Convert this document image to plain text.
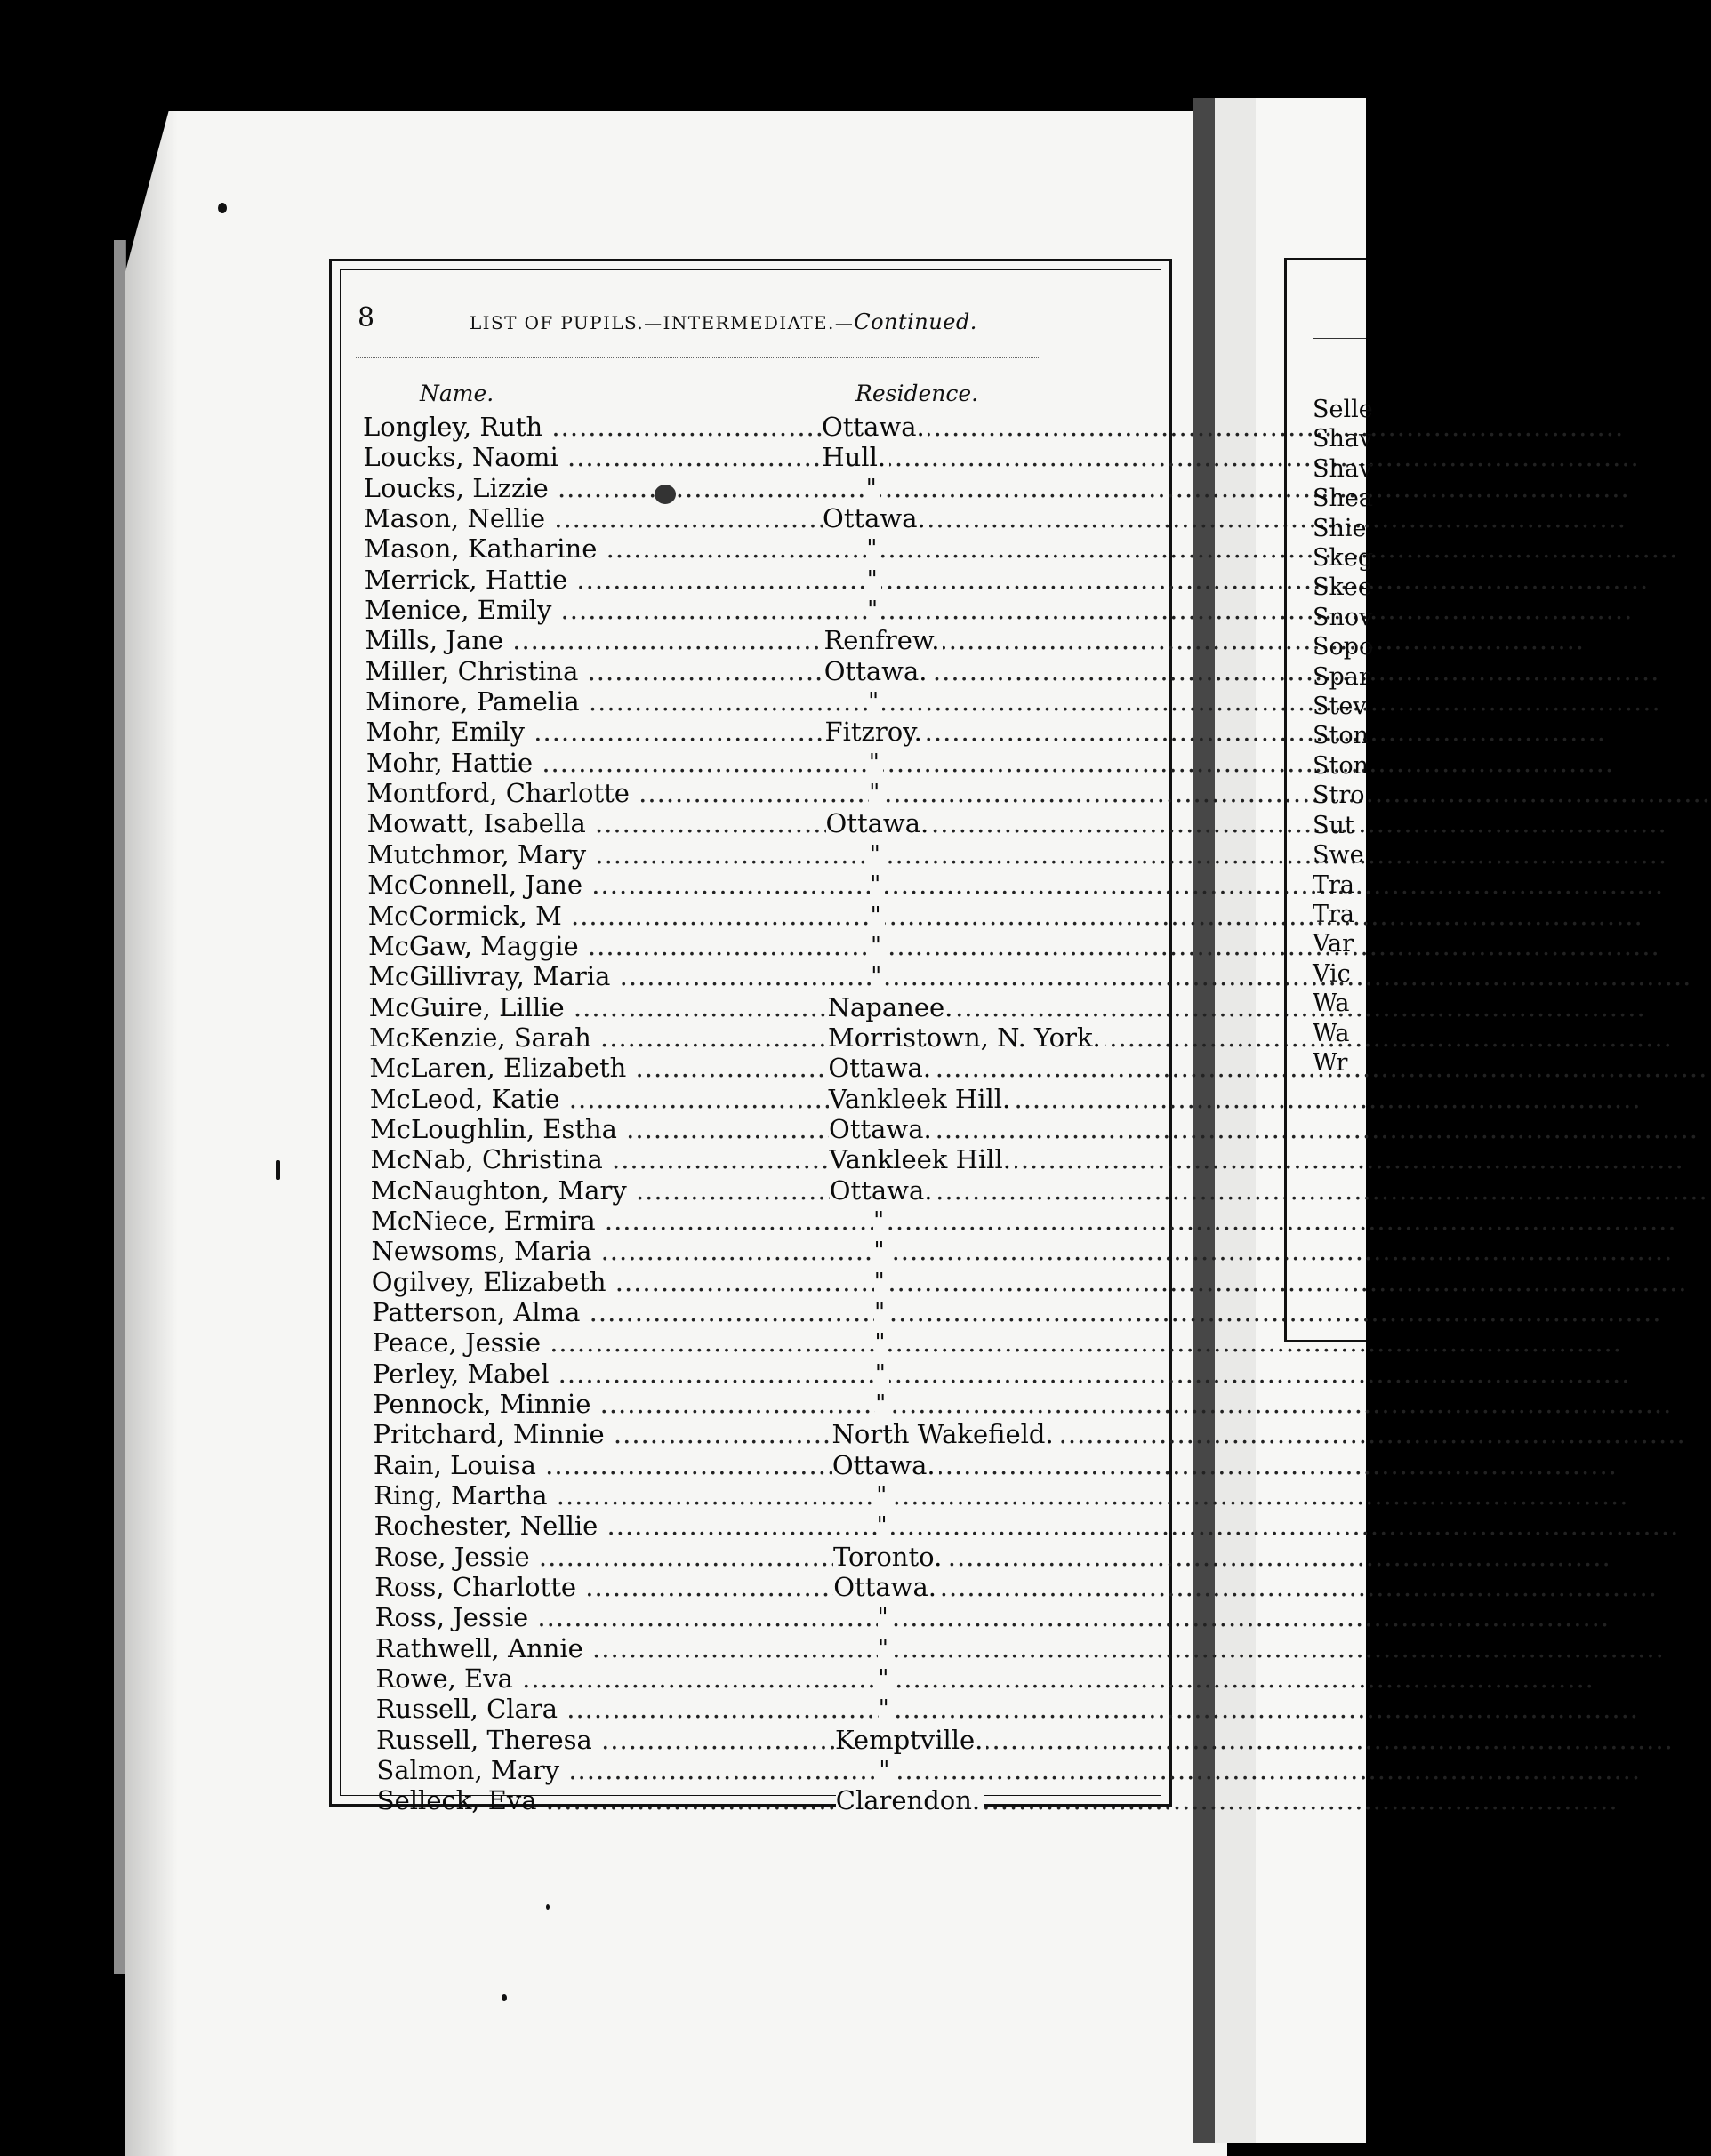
8	LIST OF PUPILS.—INTERMEDIATE.—Continued.
Name.	Residence.
Longley, Ruth .....	Ottawa.
Loucks, Naomi .....	Hull.
Loucks, Lizzie .....	"
Mason, Nellie .....	Ottawa.
Mason, Katharine .....	"
Merrick, Hattie .....	"
Menice, Emily .....	"
Mills, Jane .....	Renfrew.
Miller, Christina .....	Ottawa.
Minore, Pamelia .....	"
Mohr, Emily .....	Fitzroy.
Mohr, Hattie .....	"
Montford, Charlotte .....	"
Mowatt, Isabella .....	Ottawa.
Mutchmor, Mary .....	"
McConnell, Jane .....	"
McCormick, M .....	"
McGaw, Maggie .....	"
McGillivray, Maria .....	"
McGuire, Lillie .....	Napanee.
McKenzie, Sarah .....	Morristown, N. York.
McLaren, Elizabeth .....	Ottawa.
McLeod, Katie .....	Vankleek Hill.
McLoughlin, Estha .....	Ottawa.
McNab, Christina .....	Vankleek Hill.
McNaughton, Mary .....	Ottawa.
McNiece, Ermira .....	"
Newsoms, Maria .....	"
Ogilvey, Elizabeth .....	"
Patterson, Alma .....	"
Peace, Jessie .....	"
Perley, Mabel .....	"
Pennock, Minnie .....	"
Pritchard, Minnie .....	North Wakefield.
Rain, Louisa .....	Ottawa.
Ring, Martha .....	"
Rochester, Nellie .....	"
Rose, Jessie .....	Toronto.
Ross, Charlotte .....	Ottawa.
Ross, Jessie .....	"
Rathwell, Annie .....	"
Rowe, Eva .....	"
Russell, Clara .....	"
Russell, Theresa .....	Kemptville.
Salmon, Mary .....	"
Selleck, Eva .....	Clarendon.
Selle
Shav
Shav
Shea
Shie
Skeg
Skee
Snov
Sopo
Spar
Stev
Ston
Ston
Stro
Sut
Swe
Tra
Tra
Var
Vic
Wa
Wa
Wr
